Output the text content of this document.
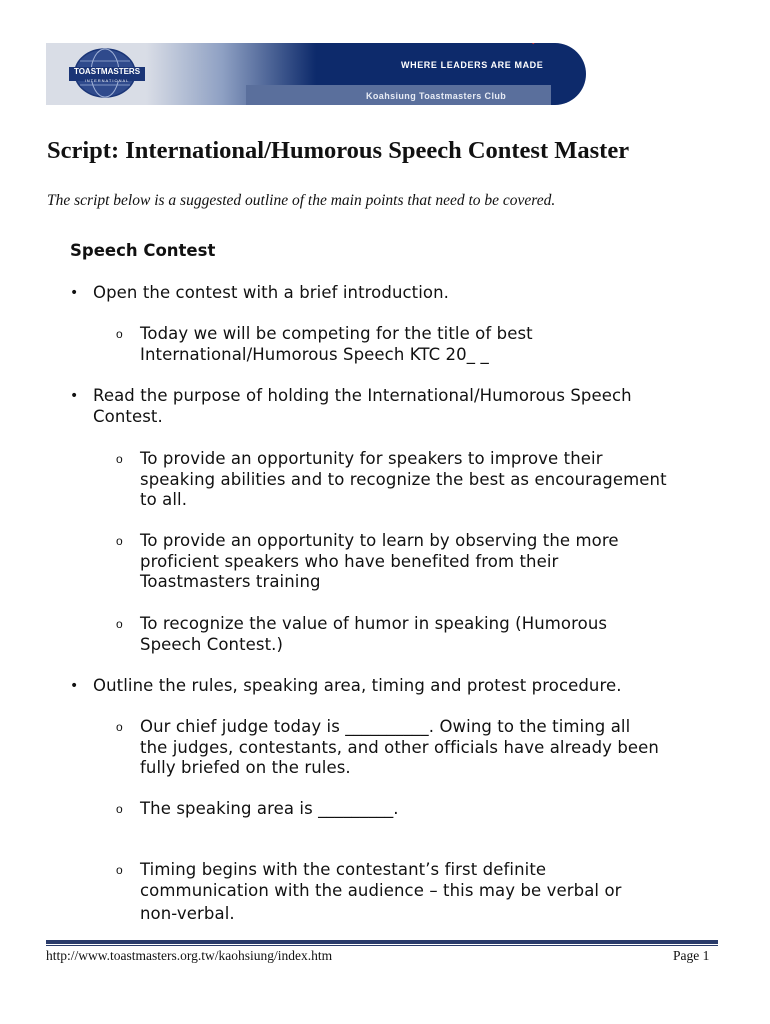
TOASTMASTERS
INTERNATIONAL
WHERE LEADERS ARE MADE
Koahsiung Toastmasters Club
Script: International/Humorous Speech Contest Master
The script below is a suggested outline of the main points that need to be covered.
Speech Contest
• Open the contest with a brief introduction.
o Today we will be competing for the title of best
International/Humorous Speech KTC 20_ _
• Read the purpose of holding the International/Humorous Speech
Contest.
o To provide an opportunity for speakers to improve their
speaking abilities and to recognize the best as encouragement
to all.
o To provide an opportunity to learn by observing the more
proficient speakers who have benefited from their
Toastmasters training
o To recognize the value of humor in speaking (Humorous
Speech Contest.)
• Outline the rules, speaking area, timing and protest procedure.
o Our chief judge today is __________. Owing to the timing all
the judges, contestants, and other officials have already been
fully briefed on the rules.
o The speaking area is _________.
o Timing begins with the contestant’s first definite
communication with the audience – this may be verbal or
non-verbal.
http://www.toastmasters.org.tw/kaohsiung/index.htm	Page 1
